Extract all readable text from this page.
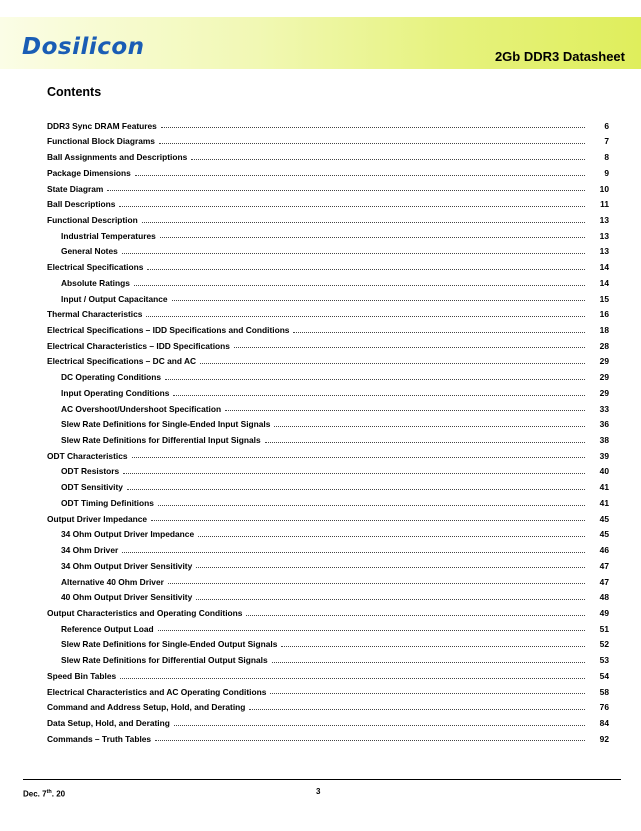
Dosilicon	2Gb DDR3 Datasheet
Contents
DDR3 Sync DRAM Features	6
Functional Block Diagrams	7
Ball Assignments and Descriptions	8
Package Dimensions	9
State Diagram	10
Ball Descriptions	11
Functional Description	13
Industrial Temperatures	13
General Notes	13
Electrical Specifications	14
Absolute Ratings	14
Input / Output Capacitance	15
Thermal Characteristics	16
Electrical Specifications – IDD Specifications and Conditions	18
Electrical Characteristics – IDD Specifications	28
Electrical Specifications – DC and AC	29
DC Operating Conditions	29
Input Operating Conditions	29
AC Overshoot/Undershoot Specification	33
Slew Rate Definitions for Single-Ended Input Signals	36
Slew Rate Definitions for Differential Input Signals	38
ODT Characteristics	39
ODT Resistors	40
ODT Sensitivity	41
ODT Timing Definitions	41
Output Driver Impedance	45
34 Ohm Output Driver Impedance	45
34 Ohm Driver	46
34 Ohm Output Driver Sensitivity	47
Alternative 40 Ohm Driver	47
40 Ohm Output Driver Sensitivity	48
Output Characteristics and Operating Conditions	49
Reference Output Load	51
Slew Rate Definitions for Single-Ended Output Signals	52
Slew Rate Definitions for Differential Output Signals	53
Speed Bin Tables	54
Electrical Characteristics and AC Operating Conditions	58
Command and Address Setup, Hold, and Derating	76
Data Setup, Hold, and Derating	84
Commands – Truth Tables	92
Dec. 7th. 20	3
